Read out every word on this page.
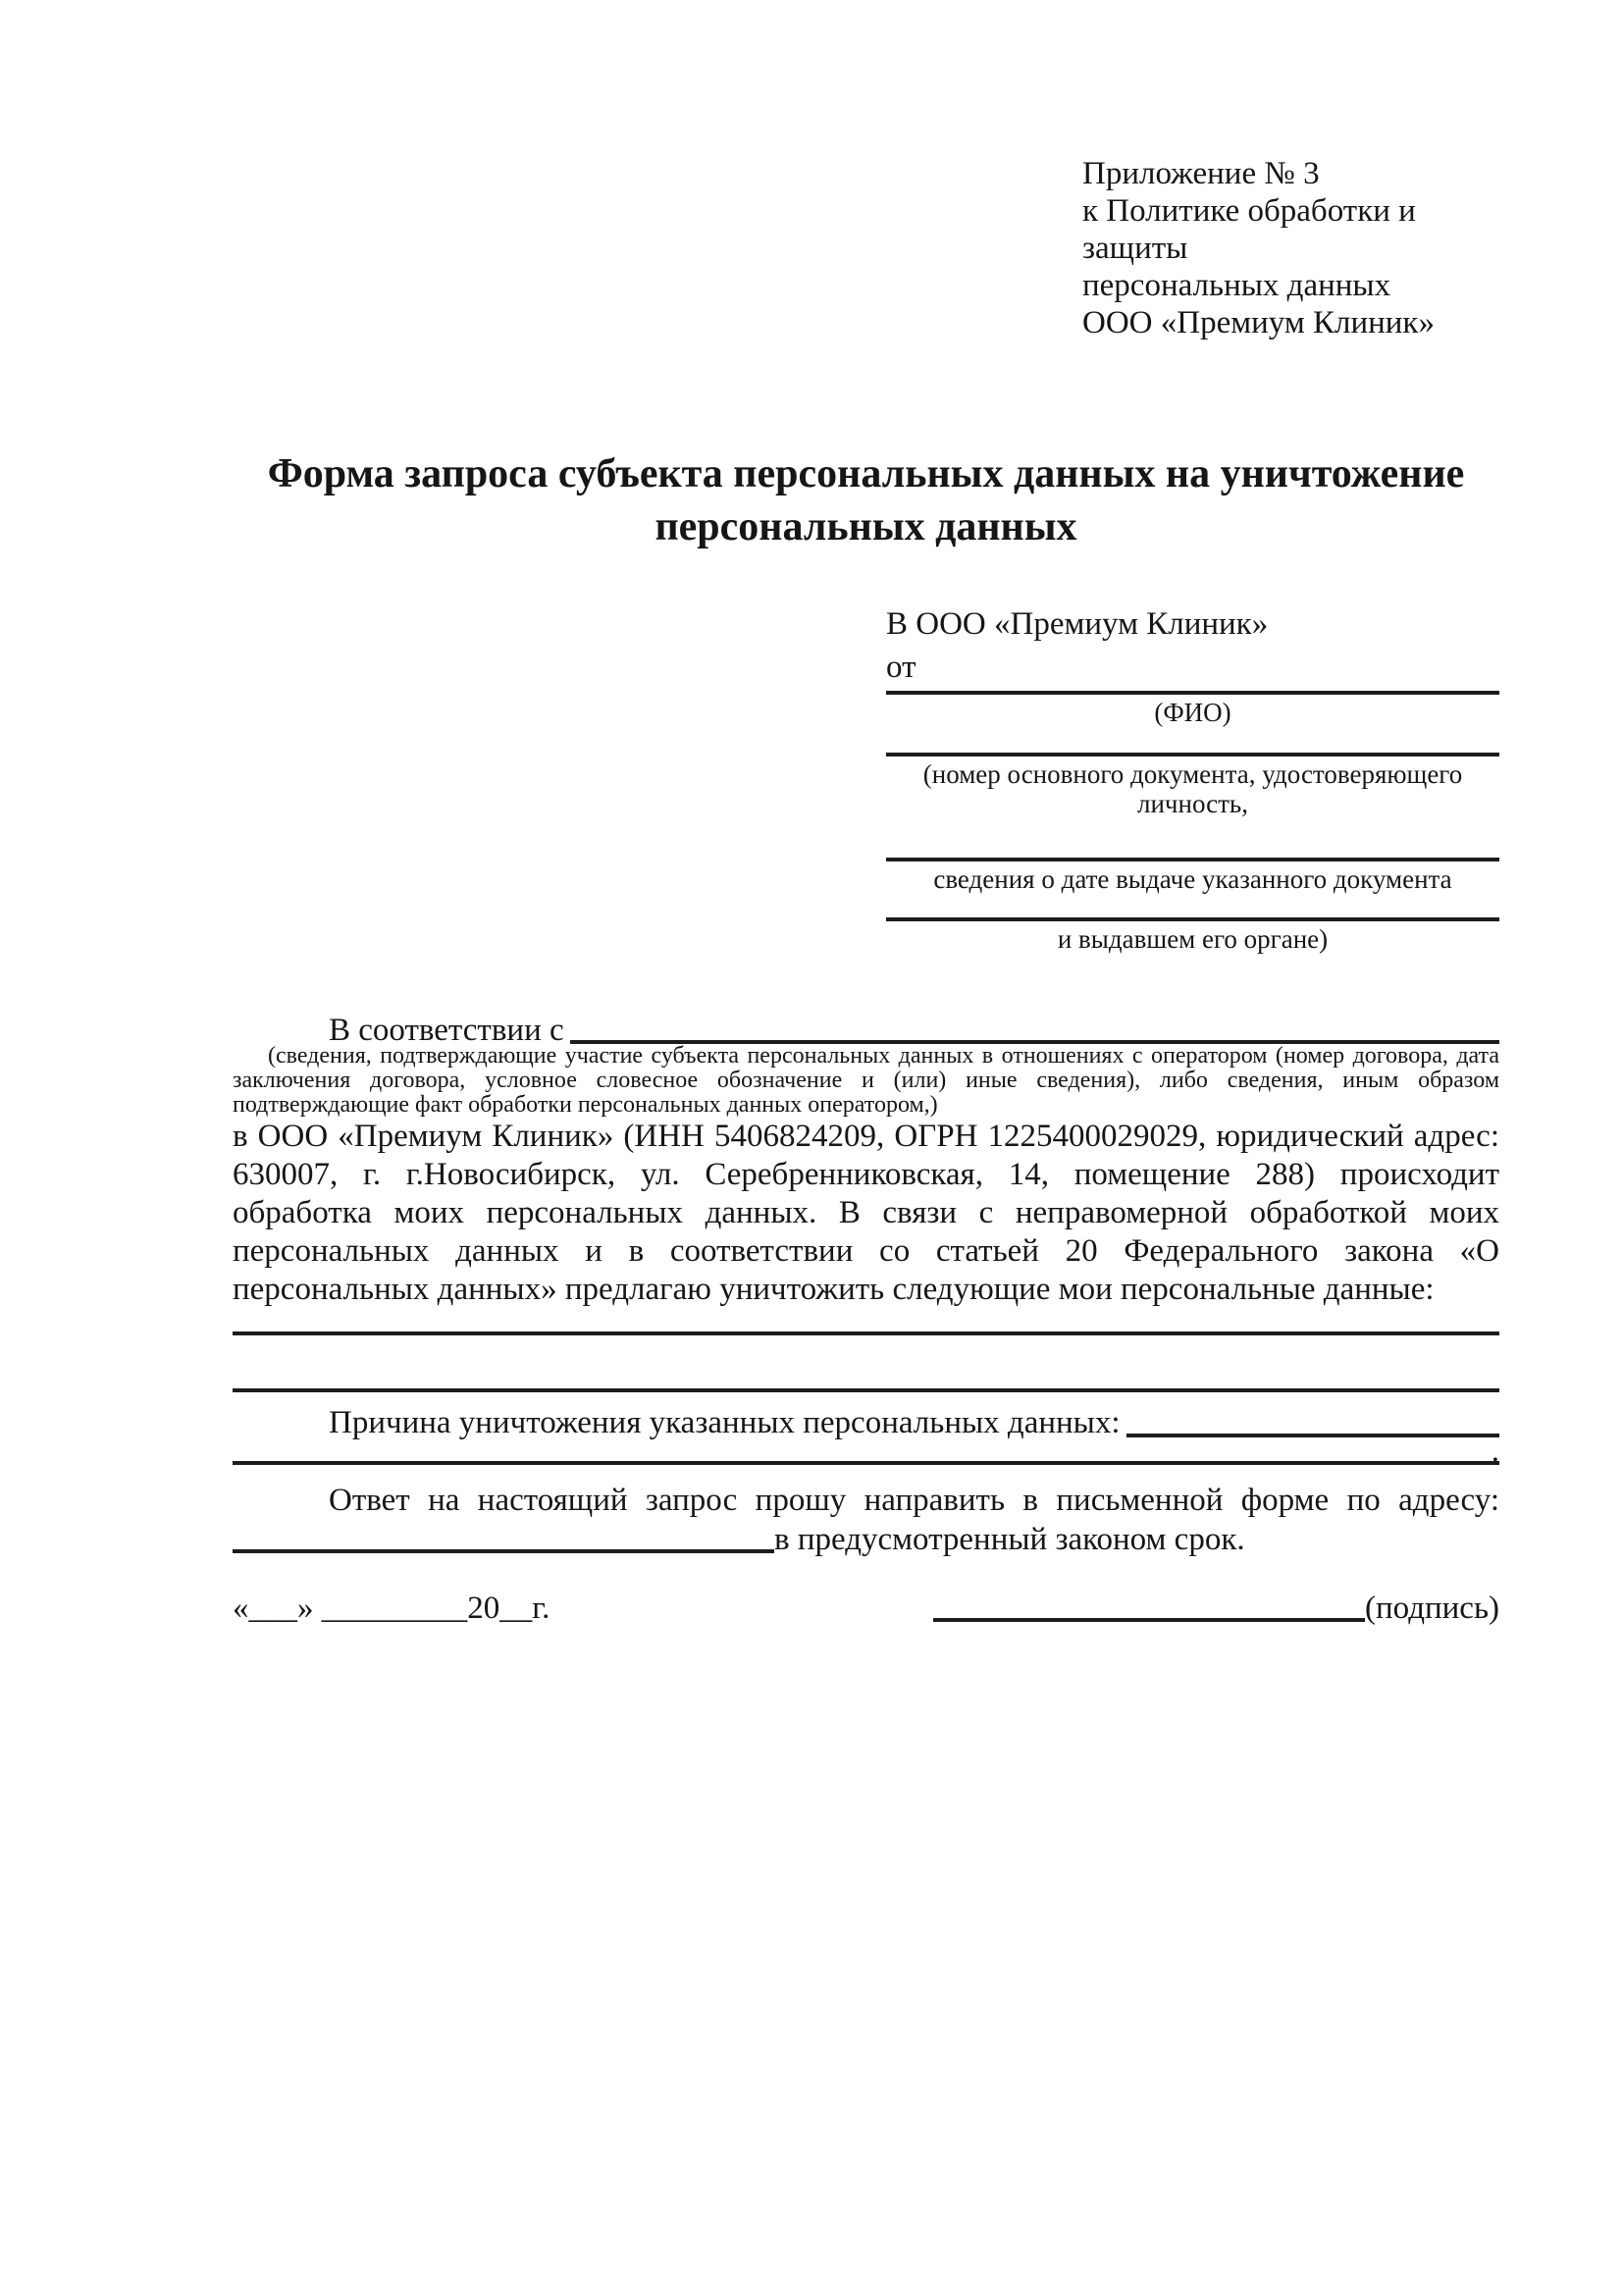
Приложение № 3
к Политике обработки и защиты
персональных данных
ООО «Премиум Клиник»
Форма запроса субъекта персональных данных на уничтожение
персональных данных
В ООО «Премиум Клиник»
от
(ФИО)
(номер основного документа, удостоверяющего личность,
сведения о дате выдаче указанного документа
и выдавшем его органе)
В соответствии с
(сведения, подтверждающие участие субъекта персональных данных в отношениях с оператором (номер договора, дата заключения договора, условное словесное обозначение и (или) иные сведения), либо сведения, иным образом подтверждающие факт обработки персональных данных оператором,)
в ООО «Премиум Клиник» (ИНН 5406824209, ОГРН 1225400029029, юридический адрес: 630007, г. г.Новосибирск, ул. Серебренниковская, 14, помещение 288) происходит обработка моих персональных данных. В связи с неправомерной обработкой моих персональных данных и в соответствии со статьей 20 Федерального закона «О персональных данных» предлагаю уничтожить следующие мои персональные данные:
Причина уничтожения указанных персональных данных:
.
Ответ на настоящий запрос прошу направить в письменной форме по адресу:
в предусмотренный законом срок.
«___» _________20__г.	(подпись)
